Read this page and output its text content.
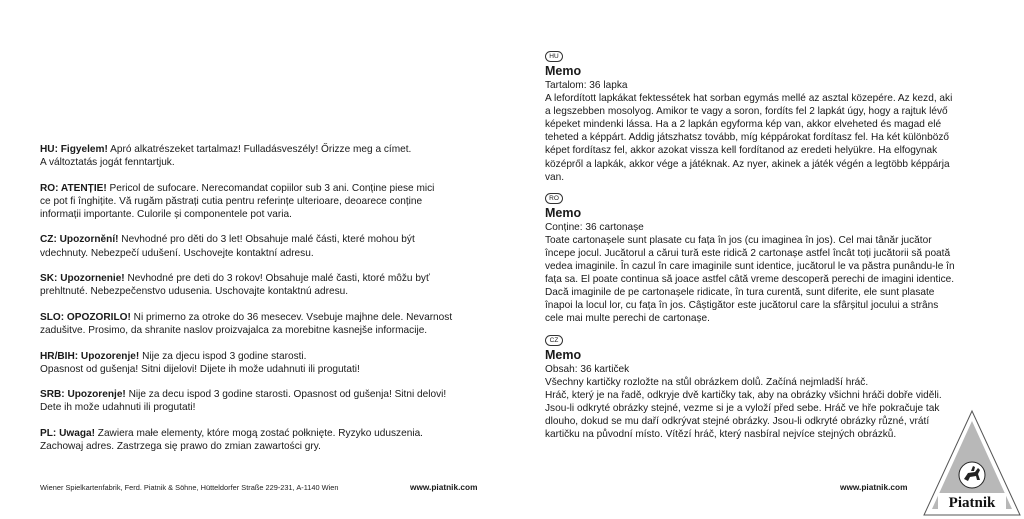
HU: Figyelem! Apró alkatrészeket tartalmaz! Fulladásveszély! Őrizze meg a címet.
A változtatás jogát fenntartjuk.
RO: ATENȚIE! Pericol de sufocare. Nerecomandat copiilor sub 3 ani. Conține piese mici
ce pot fi înghițite. Vă rugăm păstrați cutia pentru referințe ulterioare, deoarece conține
informații importante. Culorile și componentele pot varia.
CZ: Upozornění! Nevhodné pro děti do 3 let! Obsahuje malé části, které mohou být
vdechnuty. Nebezpečí udušení. Uschovejte kontaktní adresu.
SK: Upozornenie! Nevhodné pre deti do 3 rokov! Obsahuje malé časti, ktoré môžu byť
prehltnuté. Nebezpečenstvo udusenia. Uschovajte kontaktnú adresu.
SLO: OPOZORILO! Ni primerno za otroke do 36 mesecev. Vsebuje majhne dele. Nevarnost
zadušitve. Prosimo, da shranite naslov proizvajalca za morebitne kasnejše informacije.
HR/BIH: Upozorenje! Nije za djecu ispod 3 godine starosti.
Opasnost od gušenja! Sitni dijelovi! Dijete ih može udahnuti ili progutati!
SRB: Upozorenje! Nije za decu ispod 3 godine starosti. Opasnost od gušenja! Sitni delovi!
Dete ih može udahnuti ili progutati!
PL: Uwaga! Zawiera małe elementy, które mogą zostać połknięte. Ryzyko uduszenia.
Zachowaj adres. Zastrzega się prawo do zmian zawartości gry.
Wiener Spielkartenfabrik, Ferd. Piatnik & Söhne, Hütteldorfer Straße 229-231, A-1140 Wien	www.piatnik.com	www.piatnik.com
HU
Memo
Tartalom: 36 lapka
A lefordított lapkákat fektessétek hat sorban egymás mellé az asztal közepére. Az kezd, aki
a legszebben mosolyog. Amikor te vagy a soron, fordíts fel 2 lapkát úgy, hogy a rajtuk lévő
képeket mindenki lássa. Ha a 2 lapkán egyforma kép van, akkor elveheted és magad elé
teheted a képpárt. Addig játszhatsz tovább, míg képpárokat fordítasz fel. Ha két különböző
képet fordítasz fel, akkor azokat vissza kell fordítanod az eredeti helyükre. Ha elfogynak
középről a lapkák, akkor vége a játéknak. Az nyer, akinek a játék végén a legtöbb képpárja
van.
RO
Memo
Conține: 36 cartonașe
Toate cartonașele sunt plasate cu fața în jos (cu imaginea în jos). Cel mai tânăr jucător
începe jocul. Jucătorul a cărui tură este ridică 2 cartonașe astfel încât toți jucătorii să poată
vedea imaginile. În cazul în care imaginile sunt identice, jucătorul le va păstra punându-le în
fața sa. El poate continua să joace astfel câtă vreme descoperă perechi de imagini identice.
Dacă imaginile de pe cartonașele ridicate, în tura curentă, sunt diferite, ele sunt plasate
înapoi la locul lor, cu fața în jos. Câștigător este jucătorul care la sfârșitul jocului a strâns
cele mai multe perechi de cartonașe.
CZ
Memo
Obsah: 36 kartiček
Všechny kartičky rozložte na stůl obrázkem dolů. Začíná nejmladší hráč.
Hráč, který je na řadě, odkryje dvě kartičky tak, aby na obrázky všichni hráči dobře viděli.
Jsou-li odkryté obrázky stejné, vezme si je a vyloží před sebe. Hráč ve hře pokračuje tak
dlouho, dokud se mu daří odkrývat stejné obrázky. Jsou-li odkryté obrázky různé, vrátí
kartičku na původní místo. Vítězí hráč, který nasbíral nejvíce stejných obrázků.
Piatnik
